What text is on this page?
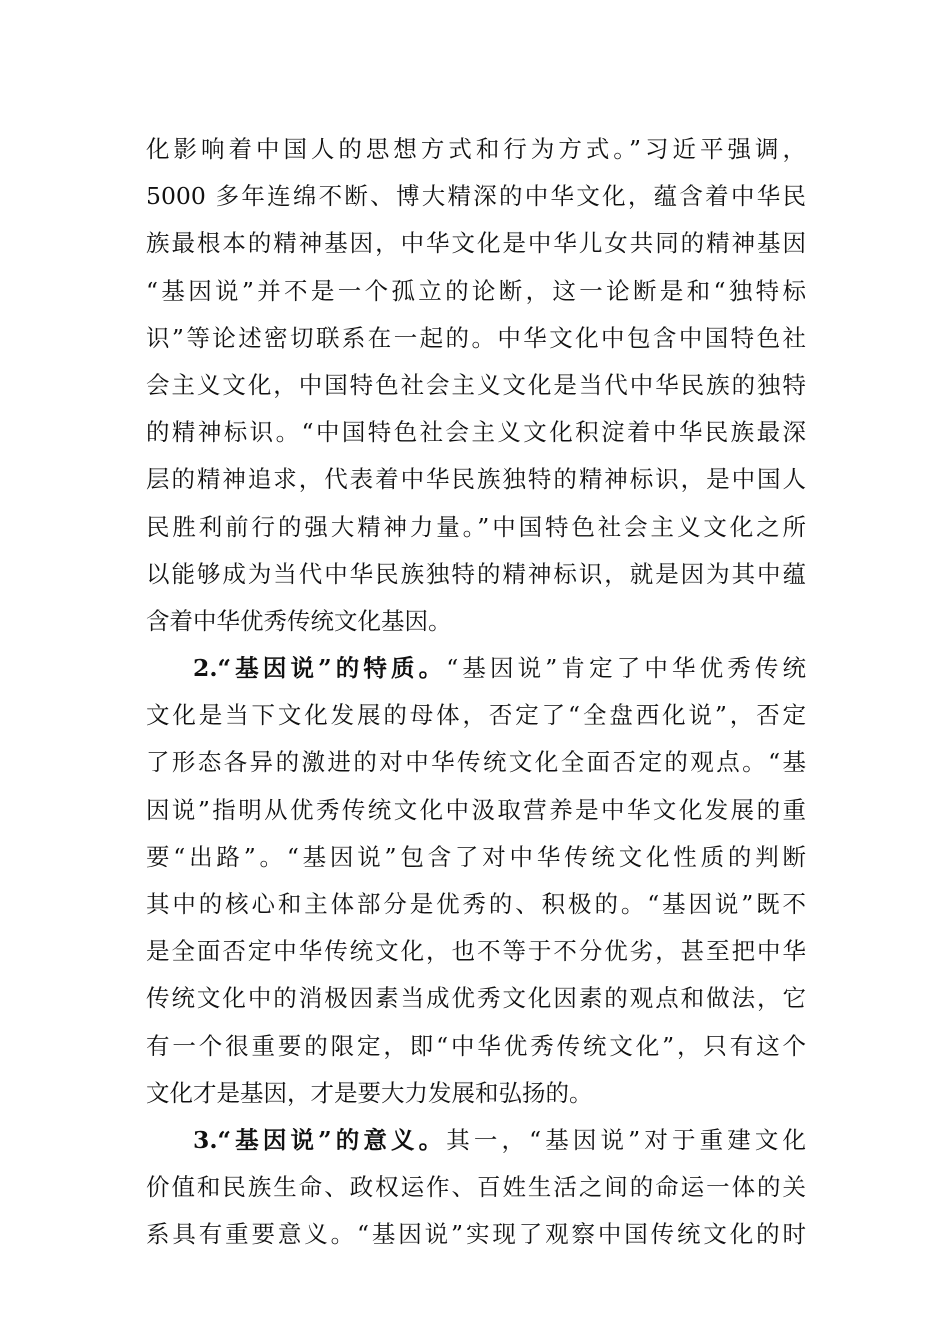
化影响着中国人的思想方式和行为方式。”习近平强调，
5000 多年连绵不断、博大精深的中华文化，蕴含着中华民
族最根本的精神基因，中华文化是中华儿女共同的精神基因
“基因说”并不是一个孤立的论断，这一论断是和“独特标
识”等论述密切联系在一起的。中华文化中包含中国特色社
会主义文化，中国特色社会主义文化是当代中华民族的独特
的精神标识。“中国特色社会主义文化积淀着中华民族最深
层的精神追求，代表着中华民族独特的精神标识，是中国人
民胜利前行的强大精神力量。”中国特色社会主义文化之所
以能够成为当代中华民族独特的精神标识，就是因为其中蕴
含着中华优秀传统文化基因。
2.“基因说”的特质。“基因说”肯定了中华优秀传统
文化是当下文化发展的母体，否定了“全盘西化说”，否定
了形态各异的激进的对中华传统文化全面否定的观点。“基
因说”指明从优秀传统文化中汲取营养是中华文化发展的重
要“出路”。“基因说”包含了对中华传统文化性质的判断
其中的核心和主体部分是优秀的、积极的。“基因说”既不
是全面否定中华传统文化，也不等于不分优劣，甚至把中华
传统文化中的消极因素当成优秀文化因素的观点和做法，它
有一个很重要的限定，即“中华优秀传统文化”，只有这个
文化才是基因，才是要大力发展和弘扬的。
3.“基因说”的意义。其一，“基因说”对于重建文化
价值和民族生命、政权运作、百姓生活之间的命运一体的关
系具有重要意义。“基因说”实现了观察中国传统文化的时
